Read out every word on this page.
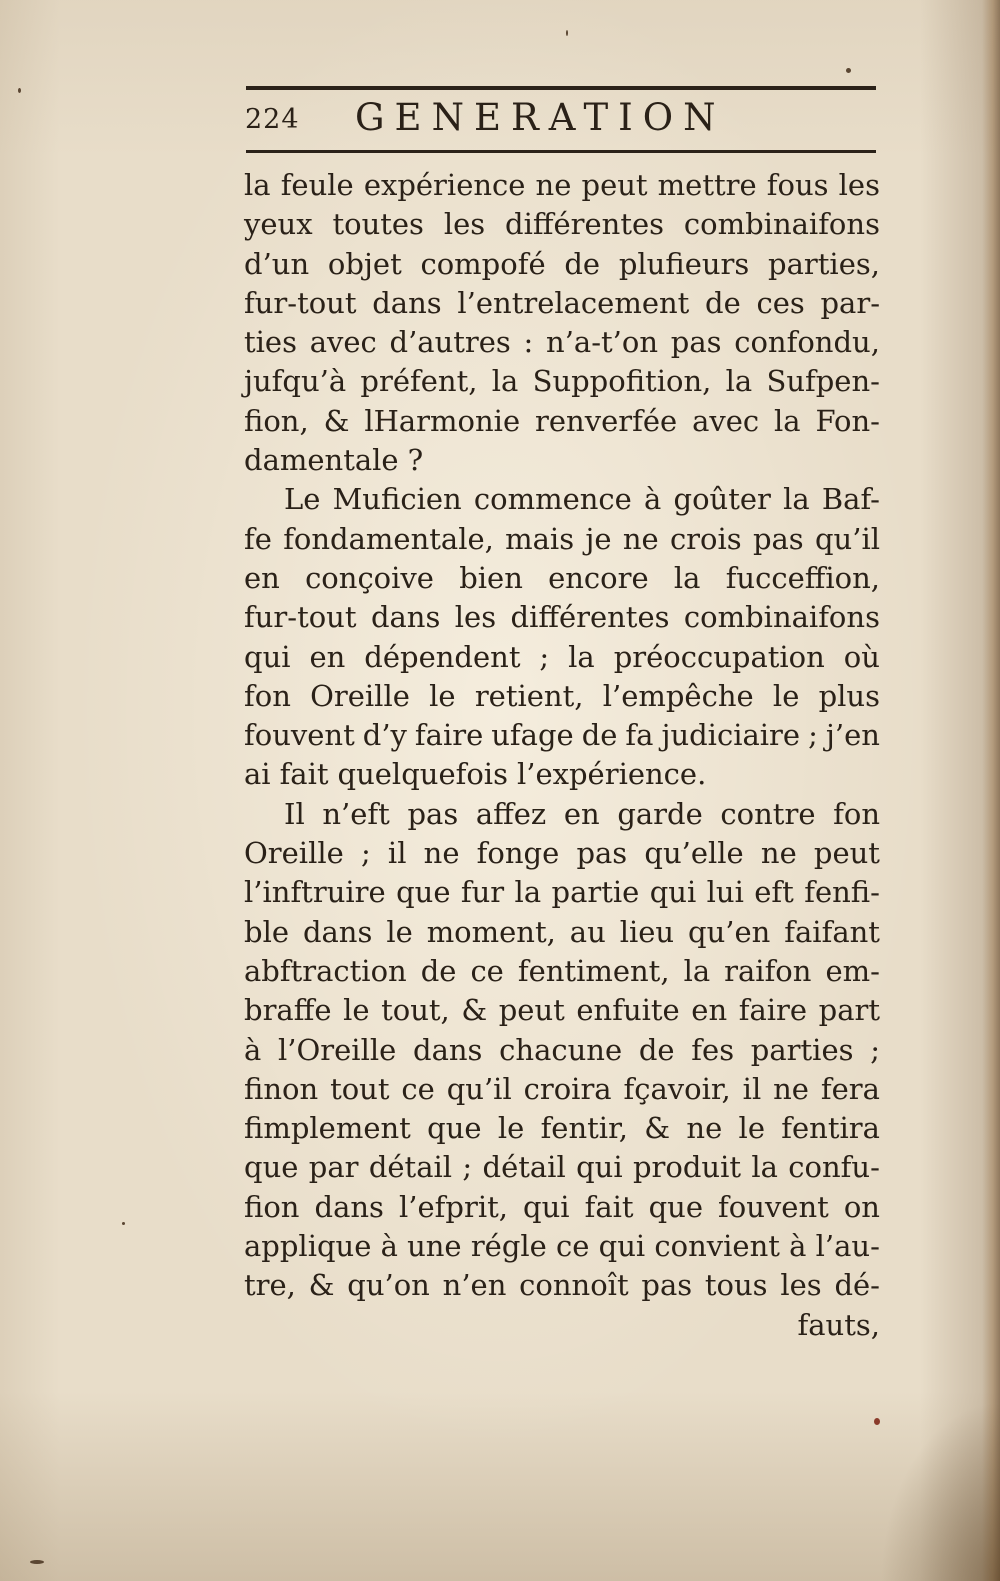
224 GENERATION
la feule expérience ne peut mettre fous les
yeux toutes les différentes combinaifons
d’un objet compofé de plufieurs parties,
fur-tout dans l’entrelacement de ces par-
ties avec d’autres : n’a-t’on pas confondu,
jufqu’à préfent, la Suppofition, la Sufpen-
fion, & lHarmonie renverfée avec la Fon-
damentale ?
Le Muficien commence à goûter la Baf-
fe fondamentale, mais je ne crois pas qu’il
en conçoive bien encore la fucceffion,
fur-tout dans les différentes combinaifons
qui en dépendent ; la préoccupation où
fon Oreille le retient, l’empêche le plus
fouvent d’y faire ufage de fa judiciaire ; j’en
ai fait quelquefois l’expérience.
Il n’eft pas affez en garde contre fon
Oreille ; il ne fonge pas qu’elle ne peut
l’inftruire que fur la partie qui lui eft fenfi-
ble dans le moment, au lieu qu’en faifant
abftraction de ce fentiment, la raifon em-
braffe le tout, & peut enfuite en faire part
à l’Oreille dans chacune de fes parties ;
finon tout ce qu’il croira fçavoir, il ne fera
fimplement que le fentir, & ne le fentira
que par détail ; détail qui produit la confu-
fion dans l’efprit, qui fait que fouvent on
applique à une régle ce qui convient à l’au-
tre, & qu’on n’en connoît pas tous les dé-
fauts,
